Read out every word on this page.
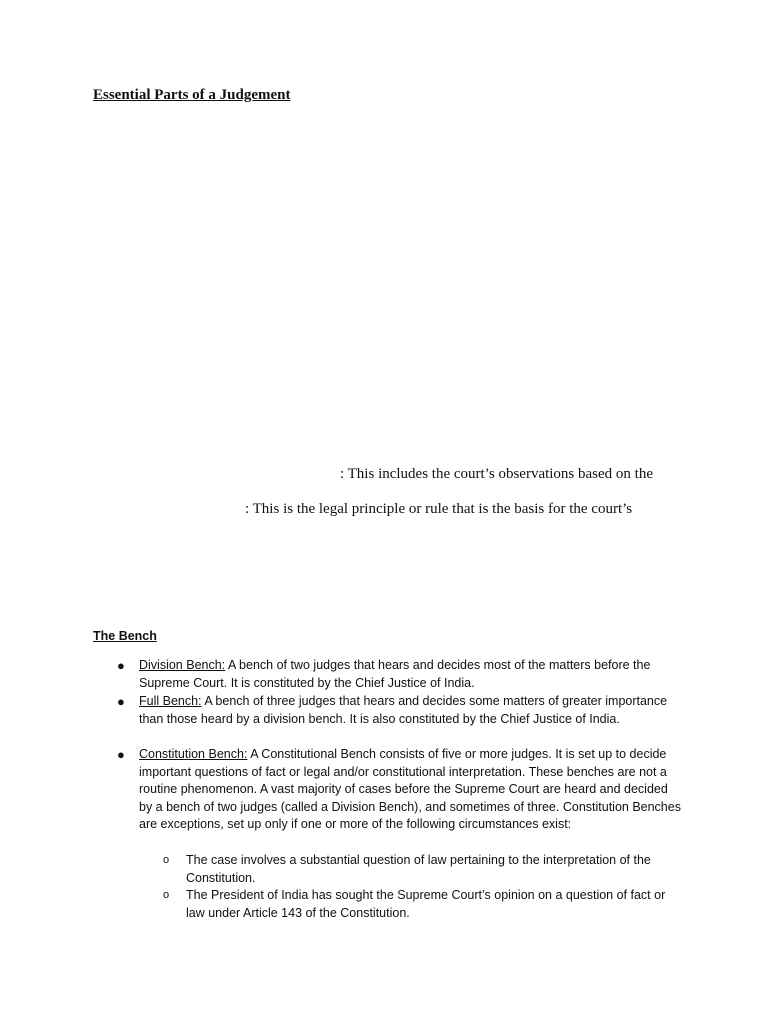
Essential Parts of a Judgement
: This includes the court’s observations based on the
: This is the legal principle or rule that is the basis for the court’s
The Bench
● Division Bench: A bench of two judges that hears and decides most of the matters before the Supreme Court. It is constituted by the Chief Justice of India.
● Full Bench: A bench of three judges that hears and decides some matters of greater importance than those heard by a division bench. It is also constituted by the Chief Justice of India.
● Constitution Bench: A Constitutional Bench consists of five or more judges. It is set up to decide important questions of fact or legal and/or constitutional interpretation. These benches are not a routine phenomenon. A vast majority of cases before the Supreme Court are heard and decided by a bench of two judges (called a Division Bench), and sometimes of three. Constitution Benches are exceptions, set up only if one or more of the following circumstances exist:
o The case involves a substantial question of law pertaining to the interpretation of the Constitution.
o The President of India has sought the Supreme Court’s opinion on a question of fact or law under Article 143 of the Constitution.
